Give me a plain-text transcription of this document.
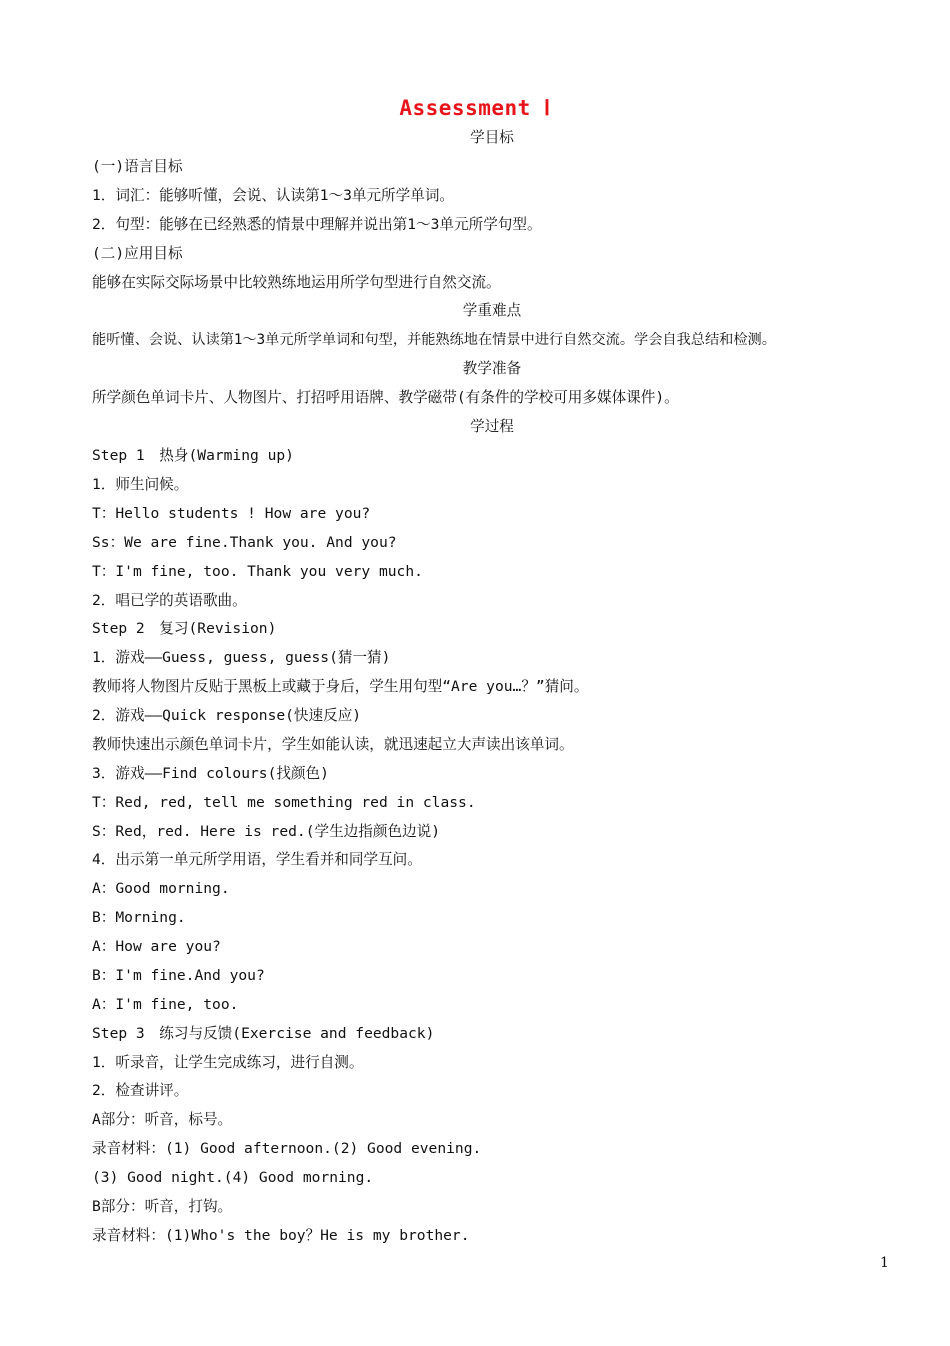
Assessment Ⅰ
学目标
(一)语言目标
1．词汇：能够听懂，会说、认读第1～3单元所学单词。
2．句型：能够在已经熟悉的情景中理解并说出第1～3单元所学句型。
(二)应用目标
能够在实际交际场景中比较熟练地运用所学句型进行自然交流。
学重难点
能听懂、会说、认读第1～3单元所学单词和句型，并能熟练地在情景中进行自然交流。学会自我总结和检测。
教学准备
所学颜色单词卡片、人物图片、打招呼用语牌、教学磁带(有条件的学校可用多媒体课件)。
学过程
Step 1　热身(Warming up)
1．师生问候。
T：Hello students ! How are you?
Ss：We are fine.Thank you. And you?
T：I'm fine, too. Thank you very much.
2．唱已学的英语歌曲。
Step 2　复习(Revision)
1．游戏——Guess, guess, guess(猜一猜)
教师将人物图片反贴于黑板上或藏于身后，学生用句型“Are you…？”猜问。
2．游戏——Quick response(快速反应)
教师快速出示颜色单词卡片，学生如能认读，就迅速起立大声读出该单词。
3．游戏——Find colours(找颜色)
T：Red, red, tell me something red in class.
S：Red，red. Here is red.(学生边指颜色边说)
4．出示第一单元所学用语，学生看并和同学互问。
A：Good morning.
B：Morning.
A：How are you?
B：I'm fine.And you?
A：I'm fine, too.
Step 3　练习与反馈(Exercise and feedback)
1．听录音，让学生完成练习，进行自测。
2．检查讲评。
A部分：听音，标号。
录音材料：(1) Good afternoon.(2) Good evening.
(3) Good night.(4) Good morning.
B部分：听音，打钩。
录音材料：(1)Who's the boy？He is my brother.
1
